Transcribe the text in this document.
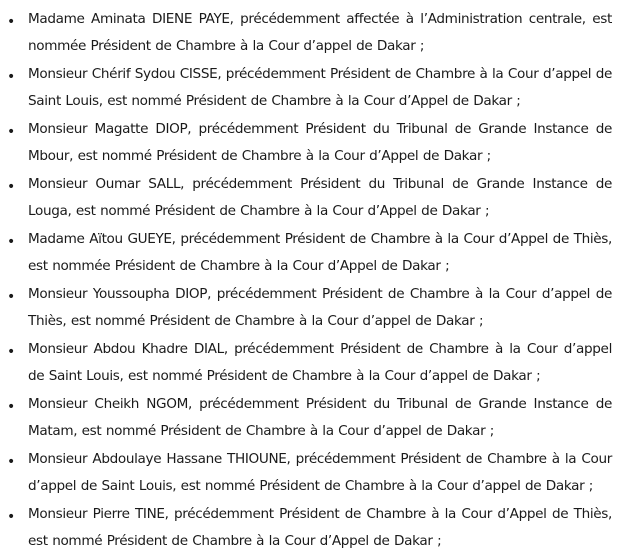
• Madame Aminata DIENE PAYE, précédemment affectée à l’Administration centrale, est nommée Président de Chambre à la Cour d’appel de Dakar ;
• Monsieur Chérif Sydou CISSE, précédemment Président de Chambre à la Cour d’appel de Saint Louis, est nommé Président de Chambre à la Cour d’Appel de Dakar ;
• Monsieur Magatte DIOP, précédemment Président du Tribunal de Grande Instance de Mbour, est nommé Président de Chambre à la Cour d’Appel de Dakar ;
• Monsieur Oumar SALL, précédemment Président du Tribunal de Grande Instance de Louga, est nommé Président de Chambre à la Cour d’Appel de Dakar ;
• Madame Aïtou GUEYE, précédemment Président de Chambre à la Cour d’Appel de Thiès, est nommée Président de Chambre à la Cour d’Appel de Dakar ;
• Monsieur Youssoupha DIOP, précédemment Président de Chambre à la Cour d’appel de Thiès, est nommé Président de Chambre à la Cour d’appel de Dakar ;
• Monsieur Abdou Khadre DIAL, précédemment Président de Chambre à la Cour d’appel de Saint Louis, est nommé Président de Chambre à la Cour d’appel de Dakar ;
• Monsieur Cheikh NGOM, précédemment Président du Tribunal de Grande Instance de Matam, est nommé Président de Chambre à la Cour d’appel de Dakar ;
• Monsieur Abdoulaye Hassane THIOUNE, précédemment Président de Chambre à la Cour d’appel de Saint Louis, est nommé Président de Chambre à la Cour d’appel de Dakar ;
• Monsieur Pierre TINE, précédemment Président de Chambre à la Cour d’Appel de Thiès, est nommé Président de Chambre à la Cour d’Appel de Dakar ;
